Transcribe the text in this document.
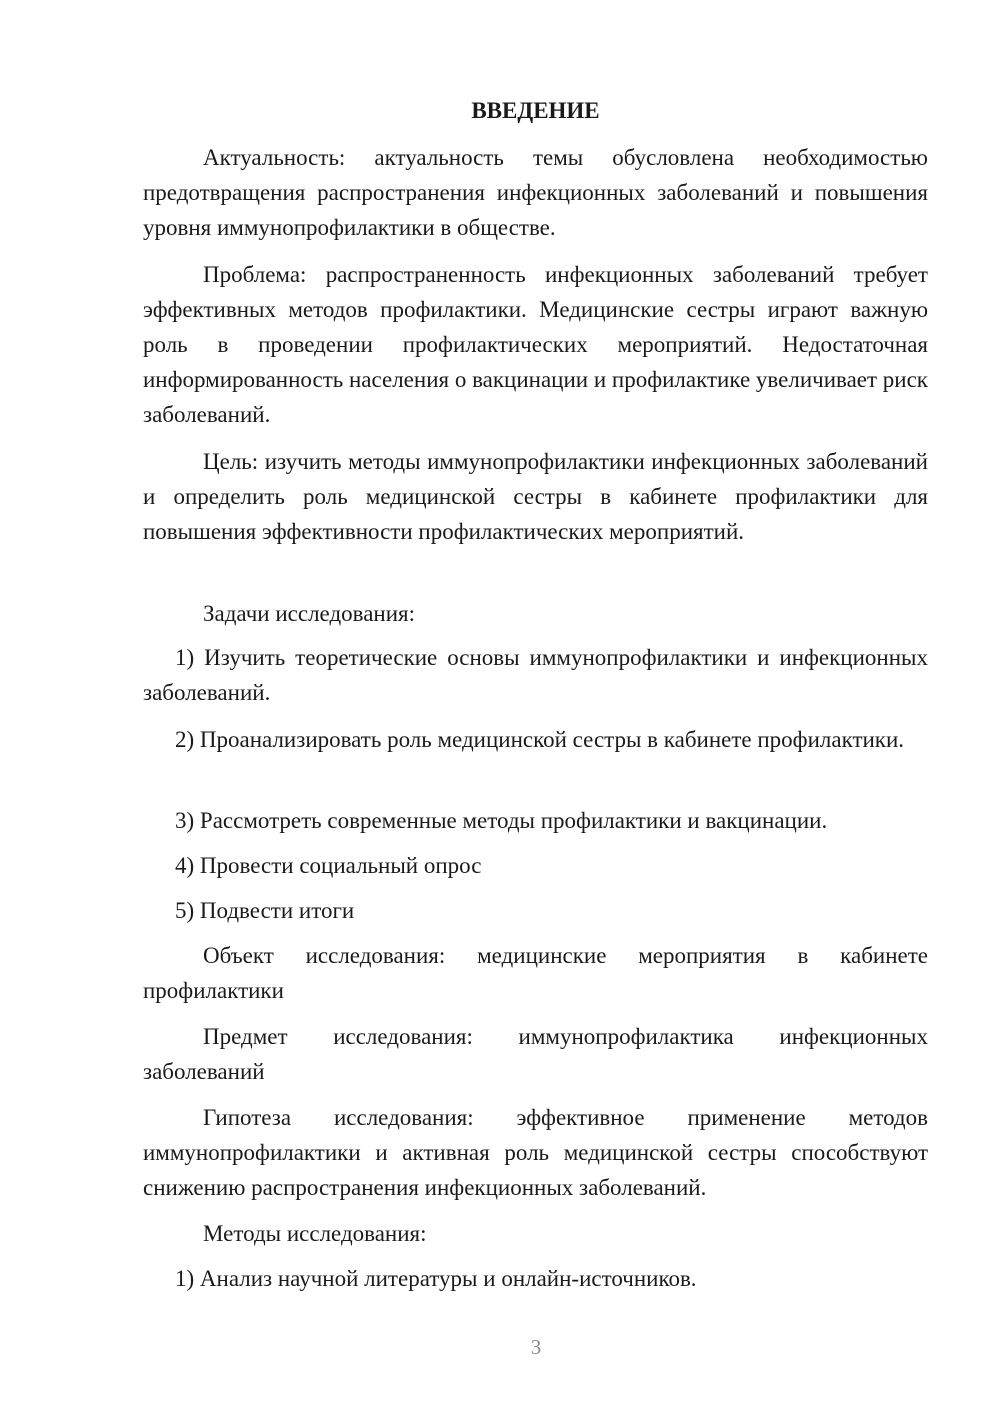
ВВЕДЕНИЕ
Актуальность: актуальность темы обусловлена необходимостью предотвращения распространения инфекционных заболеваний и повышения уровня иммунопрофилактики в обществе.
Проблема: распространенность инфекционных заболеваний требует эффективных методов профилактики. Медицинские сестры играют важную роль в проведении профилактических мероприятий. Недостаточная информированность населения о вакцинации и профилактике увеличивает риск заболеваний.
Цель: изучить методы иммунопрофилактики инфекционных заболеваний и определить роль медицинской сестры в кабинете профилактики для повышения эффективности профилактических мероприятий.
Задачи исследования:
1) Изучить теоретические основы иммунопрофилактики и инфекционных заболеваний.
2) Проанализировать роль медицинской сестры в кабинете профилактики.
3) Рассмотреть современные методы профилактики и вакцинации.
4) Провести социальный опрос
5) Подвести итоги
Объект исследования: медицинские мероприятия в кабинете профилактики
Предмет исследования: иммунопрофилактика инфекционных заболеваний
Гипотеза исследования: эффективное применение методов иммунопрофилактики и активная роль медицинской сестры способствуют снижению распространения инфекционных заболеваний.
Методы исследования:
1) Анализ научной литературы и онлайн-источников.
3
